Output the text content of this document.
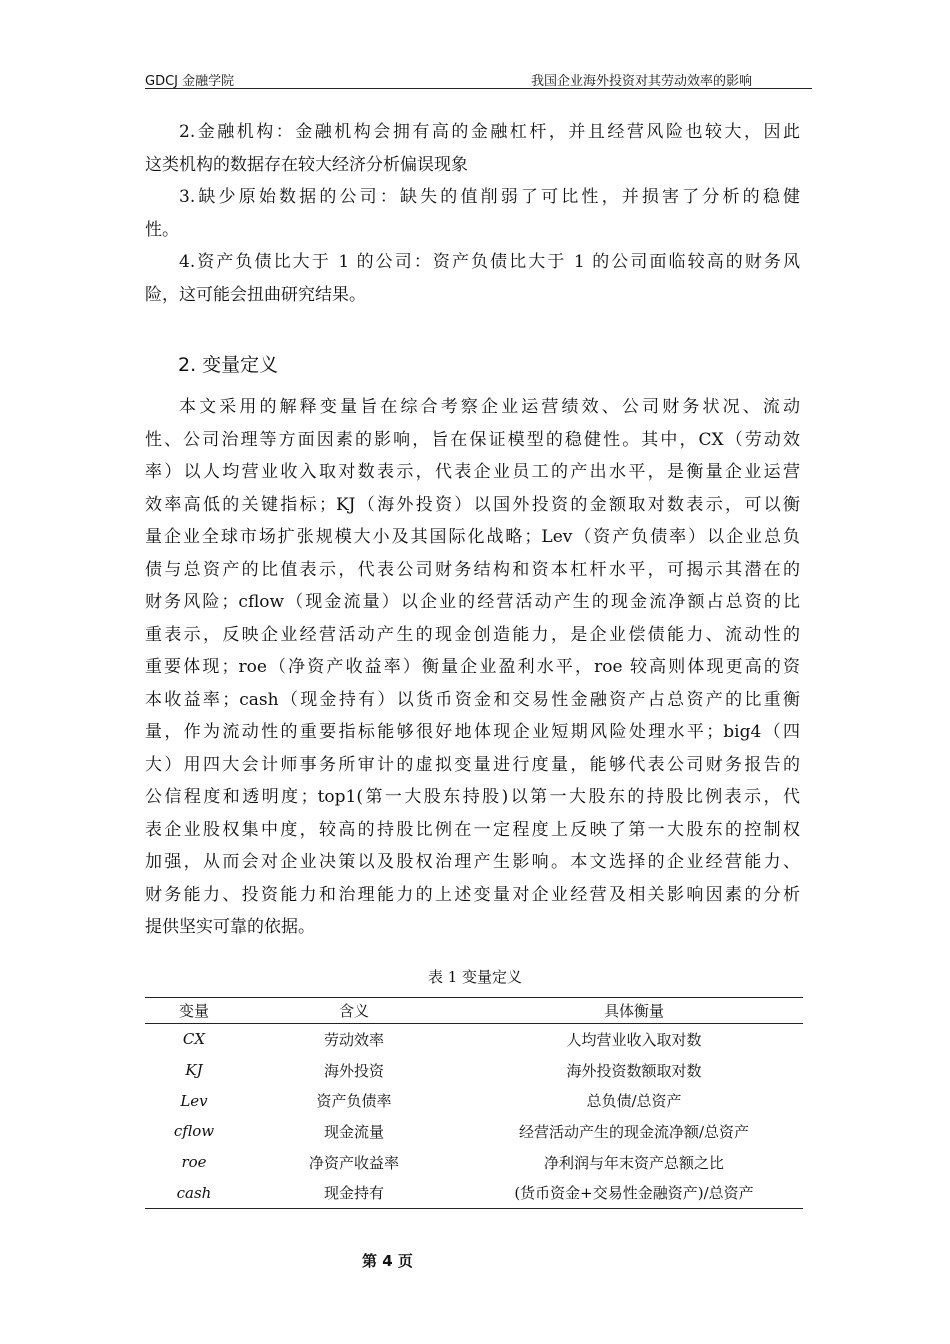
GDCJ 金融学院	我国企业海外投资对其劳动效率的影响
2.金融机构：金融机构会拥有高的金融杠杆，并且经营风险也较大，因此
这类机构的数据存在较大经济分析偏误现象
3.缺少原始数据的公司：缺失的值削弱了可比性，并损害了分析的稳健
性。
4.资产负债比大于 1 的公司：资产负债比大于 1 的公司面临较高的财务风
险，这可能会扭曲研究结果。
2. 变量定义
本文采用的解释变量旨在综合考察企业运营绩效、公司财务状况、流动
性、公司治理等方面因素的影响，旨在保证模型的稳健性。其中，CX（劳动效
率）以人均营业收入取对数表示，代表企业员工的产出水平，是衡量企业运营
效率高低的关键指标；KJ（海外投资）以国外投资的金额取对数表示，可以衡
量企业全球市场扩张规模大小及其国际化战略；Lev（资产负债率）以企业总负
债与总资产的比值表示，代表公司财务结构和资本杠杆水平，可揭示其潜在的
财务风险；cflow（现金流量）以企业的经营活动产生的现金流净额占总资的比
重表示，反映企业经营活动产生的现金创造能力，是企业偿债能力、流动性的
重要体现；roe（净资产收益率）衡量企业盈利水平，roe 较高则体现更高的资
本收益率；cash（现金持有）以货币资金和交易性金融资产占总资产的比重衡
量，作为流动性的重要指标能够很好地体现企业短期风险处理水平；big4（四
大）用四大会计师事务所审计的虚拟变量进行度量，能够代表公司财务报告的
公信程度和透明度；top1(第一大股东持股)以第一大股东的持股比例表示，代
表企业股权集中度，较高的持股比例在一定程度上反映了第一大股东的控制权
加强，从而会对企业决策以及股权治理产生影响。本文选择的企业经营能力、
财务能力、投资能力和治理能力的上述变量对企业经营及相关影响因素的分析
提供坚实可靠的依据。
表 1 变量定义
变量	含义	具体衡量
CX	劳动效率	人均营业收入取对数
KJ	海外投资	海外投资数额取对数
Lev	资产负债率	总负债/总资产
cflow	现金流量	经营活动产生的现金流净额/总资产
roe	净资产收益率	净利润与年末资产总额之比
cash	现金持有	(货币资金+交易性金融资产)/总资产
第 4 页
